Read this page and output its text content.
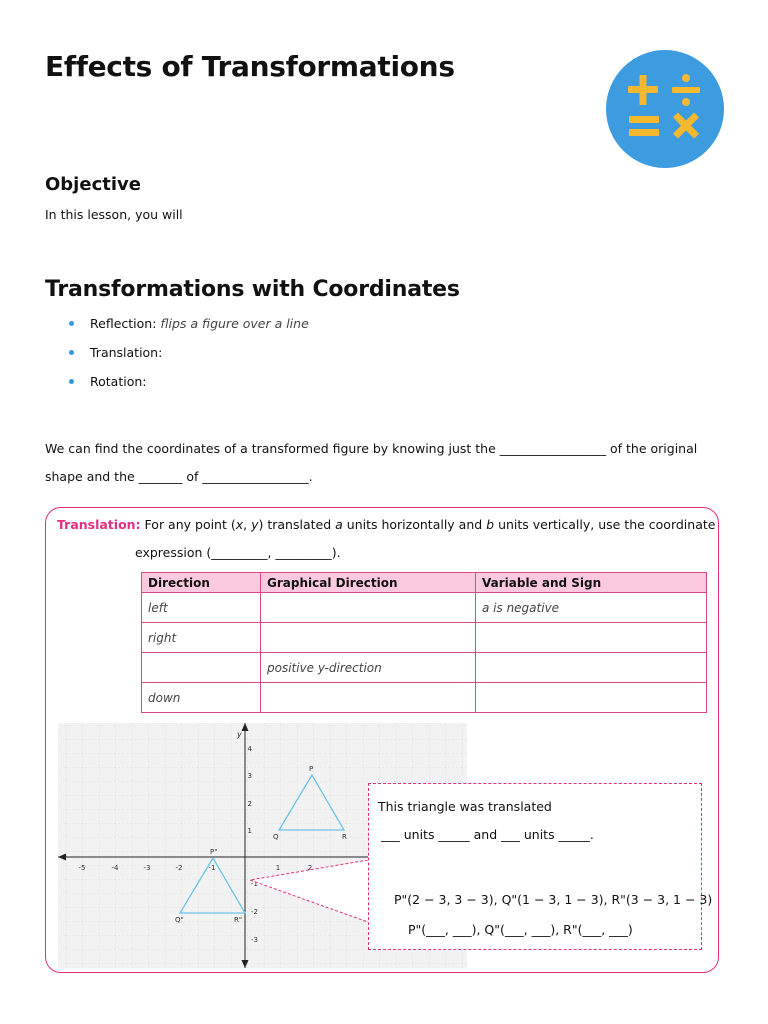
Effects of Transformations
Objective
In this lesson, you will
Transformations with Coordinates
Reflection: flips a figure over a line
Translation:
Rotation:
We can find the coordinates of a transformed figure by knowing just the _________________ of the original
shape and the _______ of _________________.
Translation: For any point (x, y) translated a units horizontally and b units vertically, use the coordinate
expression (_________, _________).
Direction	Graphical Direction	Variable and Sign
left		a is negative
right		
	positive y-direction	
down		
y
-5	-4	-3	-2	-1	1	2
4
3
2
1
-1
-2
-3
P
Q	R
P"
Q"	R"
This triangle was translated
___ units _____ and ___ units _____.
P"(2 − 3, 3 − 3), Q"(1 − 3, 1 − 3), R"(3 − 3, 1 − 3)
P"(___, ___), Q"(___, ___), R"(___, ___)
